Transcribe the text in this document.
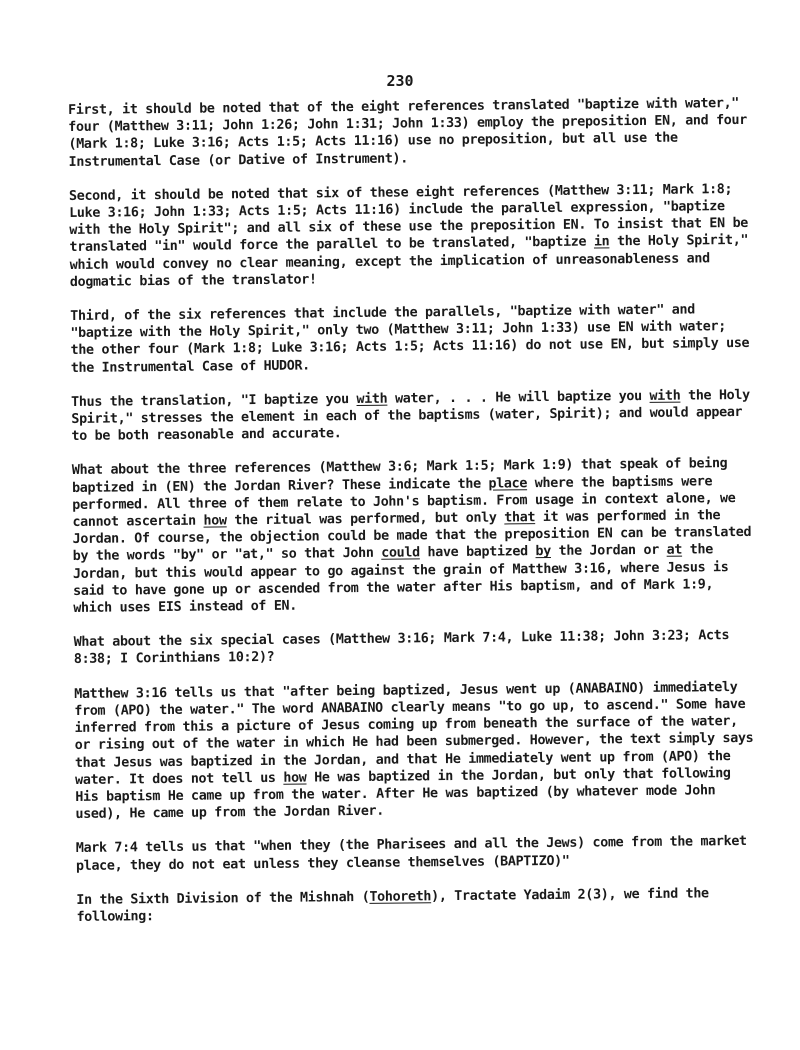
230

First, it should be noted that of the eight references translated "baptize with water," four (Matthew 3:11; John 1:26; John 1:31; John 1:33) employ the preposition EN, and four (Mark 1:8; Luke 3:16; Acts 1:5; Acts 11:16) use no preposition, but all use the Instrumental Case (or Dative of Instrument).

Second, it should be noted that six of these eight references (Matthew 3:11; Mark 1:8; Luke 3:16; John 1:33; Acts 1:5; Acts 11:16) include the parallel expression, "baptize with the Holy Spirit"; and all six of these use the preposition EN. To insist that EN be translated "in" would force the parallel to be translated, "baptize in the Holy Spirit," which would convey no clear meaning, except the implication of unreasonableness and dogmatic bias of the translator!

Third, of the six references that include the parallels, "baptize with water" and "baptize with the Holy Spirit," only two (Matthew 3:11; John 1:33) use EN with water; the other four (Mark 1:8; Luke 3:16; Acts 1:5; Acts 11:16) do not use EN, but simply use the Instrumental Case of HUDOR.

Thus the translation, "I baptize you with water, . . . He will baptize you with the Holy Spirit," stresses the element in each of the baptisms (water, Spirit); and would appear to be both reasonable and accurate.

What about the three references (Matthew 3:6; Mark 1:5; Mark 1:9) that speak of being baptized in (EN) the Jordan River? These indicate the place where the baptisms were performed. All three of them relate to John's baptism. From usage in context alone, we cannot ascertain how the ritual was performed, but only that it was performed in the Jordan. Of course, the objection could be made that the preposition EN can be translated by the words "by" or "at," so that John could have baptized by the Jordan or at the Jordan, but this would appear to go against the grain of Matthew 3:16, where Jesus is said to have gone up or ascended from the water after His baptism, and of Mark 1:9, which uses EIS instead of EN.

What about the six special cases (Matthew 3:16; Mark 7:4, Luke 11:38; John 3:23; Acts 8:38; I Corinthians 10:2)?

Matthew 3:16 tells us that "after being baptized, Jesus went up (ANABAINO) immediately from (APO) the water." The word ANABAINO clearly means "to go up, to ascend." Some have inferred from this a picture of Jesus coming up from beneath the surface of the water, or rising out of the water in which He had been submerged. However, the text simply says that Jesus was baptized in the Jordan, and that He immediately went up from (APO) the water. It does not tell us how He was baptized in the Jordan, but only that following His baptism He came up from the water. After He was baptized (by whatever mode John used), He came up from the Jordan River.

Mark 7:4 tells us that "when they (the Pharisees and all the Jews) come from the market place, they do not eat unless they cleanse themselves (BAPTIZO)"

In the Sixth Division of the Mishnah (Tohoreth), Tractate Yadaim 2(3), we find the following:
